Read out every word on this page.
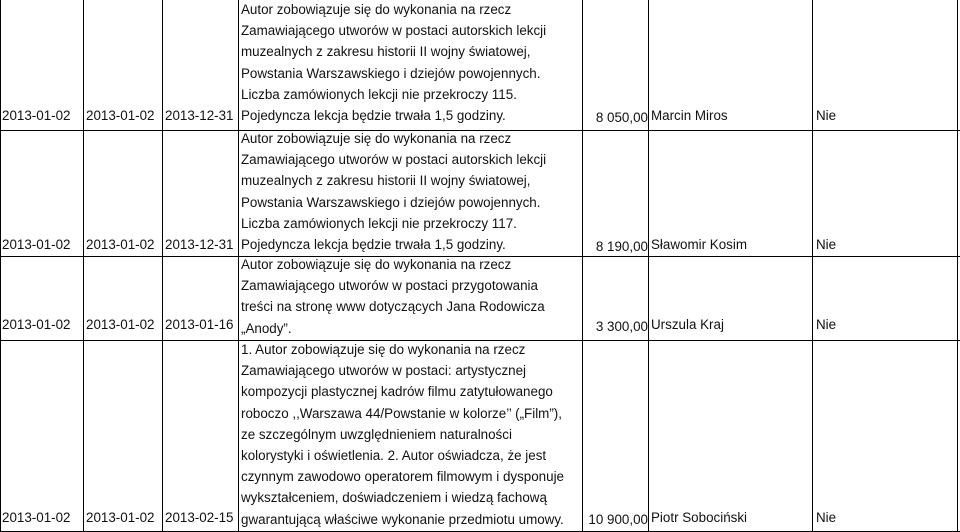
2013-01-02	2013-01-02 2013-12-31
Autor zobowiązuje się do wykonania na rzecz
Zamawiającego utworów w postaci autorskich lekcji
muzealnych z zakresu historii II wojny światowej,
Powstania Warszawskiego i dziejów powojennych.
Liczba zamówionych lekcji nie przekroczy 115.
Pojedyncza lekcja będzie trwała 1,5 godziny.	8 050,00 Marcin Miros	Nie
2013-01-02	2013-01-02 2013-12-31
Autor zobowiązuje się do wykonania na rzecz
Zamawiającego utworów w postaci autorskich lekcji
muzealnych z zakresu historii II wojny światowej,
Powstania Warszawskiego i dziejów powojennych.
Liczba zamówionych lekcji nie przekroczy 117.
Pojedyncza lekcja będzie trwała 1,5 godziny.	8 190,00 Sławomir Kosim	Nie
2013-01-02	2013-01-02 2013-01-16
Autor zobowiązuje się do wykonania na rzecz
Zamawiającego utworów w postaci przygotowania
treści na stronę www dotyczących Jana Rodowicza
„Anody”.	3 300,00 Urszula Kraj	Nie
2013-01-02	2013-01-02 2013-02-15
1. Autor zobowiązuje się do wykonania na rzecz
Zamawiającego utworów w postaci: artystycznej
kompozycji plastycznej kadrów filmu zatytułowanego
roboczo ,,Warszawa 44/Powstanie w kolorze’’ („Film”),
ze szczególnym uwzględnieniem naturalności
kolorystyki i oświetlenia. 2. Autor oświadcza, że jest
czynnym zawodowo operatorem filmowym i dysponuje
wykształceniem, doświadczeniem i wiedzą fachową
gwarantującą właściwe wykonanie przedmiotu umowy.	10 900,00 Piotr Sobociński	Nie
